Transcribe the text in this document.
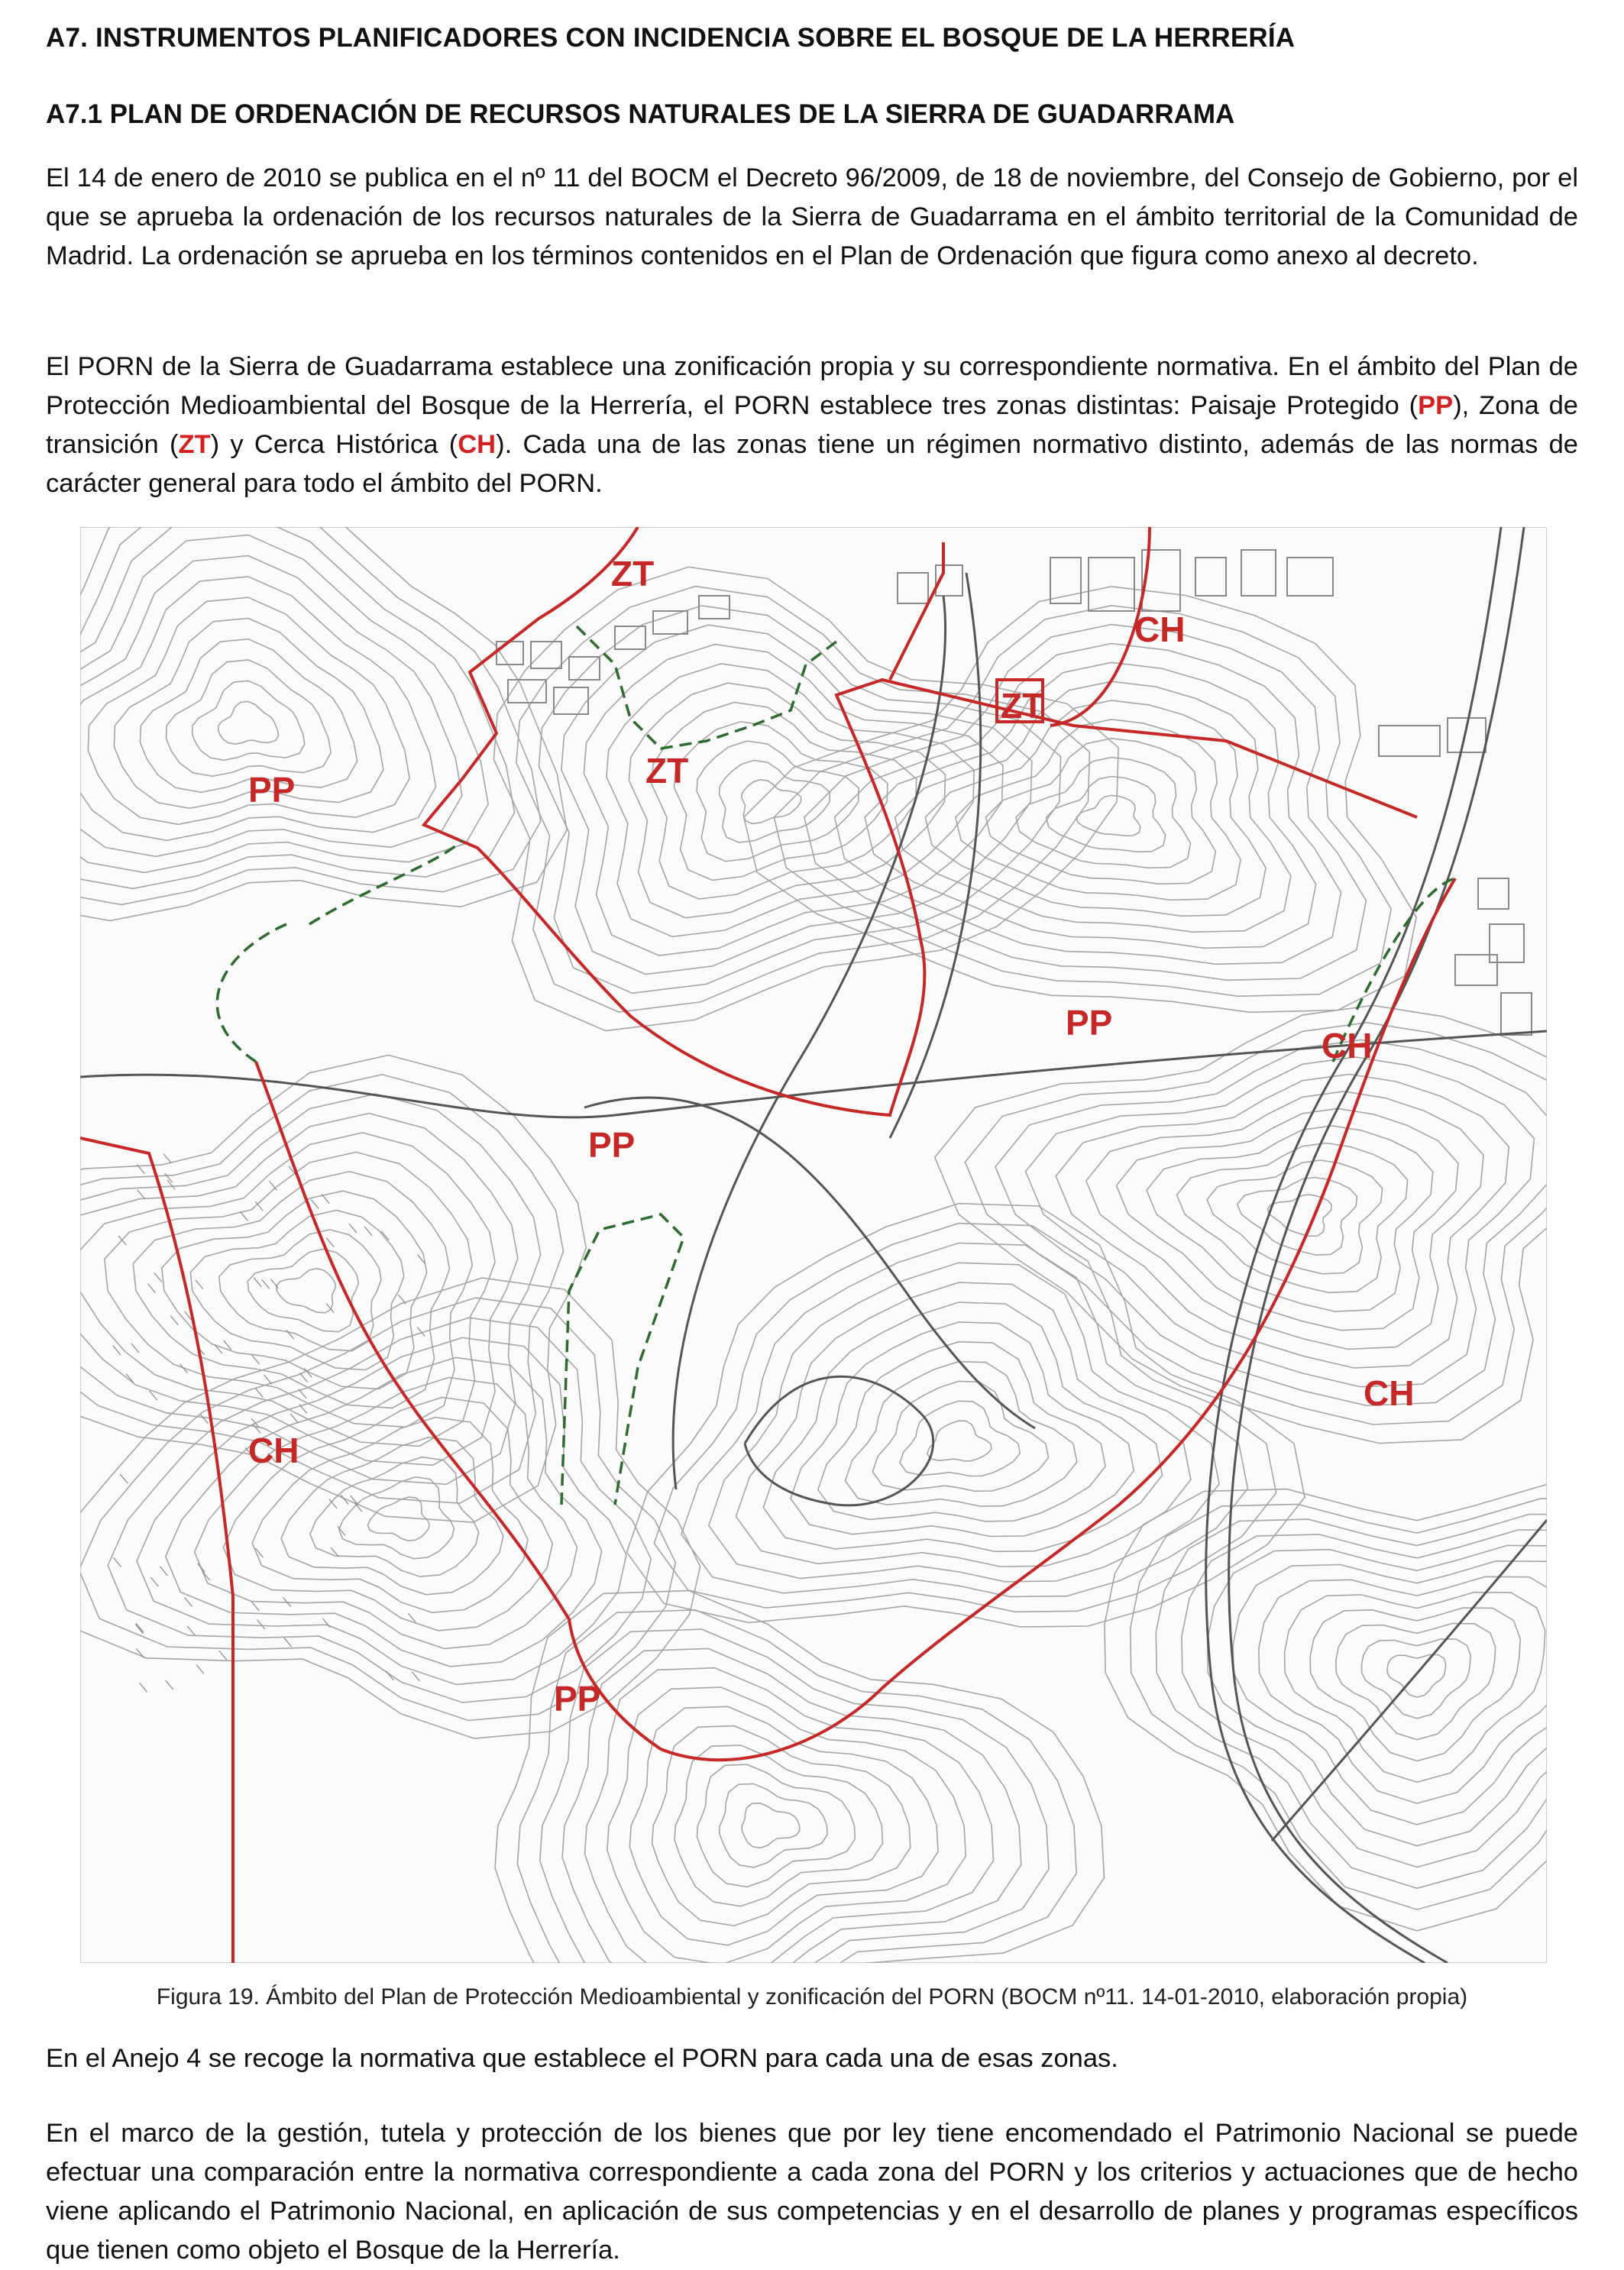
A7. INSTRUMENTOS PLANIFICADORES CON INCIDENCIA SOBRE EL BOSQUE DE LA HERRERÍA
A7.1 PLAN DE ORDENACIÓN DE RECURSOS NATURALES DE LA SIERRA DE GUADARRAMA

El 14 de enero de 2010 se publica en el nº 11 del BOCM el Decreto 96/2009, de 18 de noviembre, del Consejo de Gobierno, por el que se aprueba la ordenación de los recursos naturales de la Sierra de Guadarrama en el ámbito territorial de la Comunidad de Madrid. La ordenación se aprueba en los términos contenidos en el Plan de Ordenación que figura como anexo al decreto.

El PORN de la Sierra de Guadarrama establece una zonificación propia y su correspondiente normativa. En el ámbito del Plan de Protección Medioambiental del Bosque de la Herrería, el PORN establece tres zonas distintas: Paisaje Protegido (PP), Zona de transición (ZT) y Cerca Histórica (CH). Cada una de las zonas tiene un régimen normativo distinto, además de las normas de carácter general para todo el ámbito del PORN.

ZT
CH
ZT
ZT
PP
PP
CH
PP
CH
CH
PP

Figura 19. Ámbito del Plan de Protección Medioambiental y zonificación del PORN (BOCM nº11. 14-01-2010, elaboración propia)

En el Anejo 4 se recoge la normativa que establece el PORN para cada una de esas zonas.

En el marco de la gestión, tutela y protección de los bienes que por ley tiene encomendado el Patrimonio Nacional se puede efectuar una comparación entre la normativa correspondiente a cada zona del PORN y los criterios y actuaciones que de hecho viene aplicando el Patrimonio Nacional, en aplicación de sus competencias y en el desarrollo de planes y programas específicos que tienen como objeto el Bosque de la Herrería.
